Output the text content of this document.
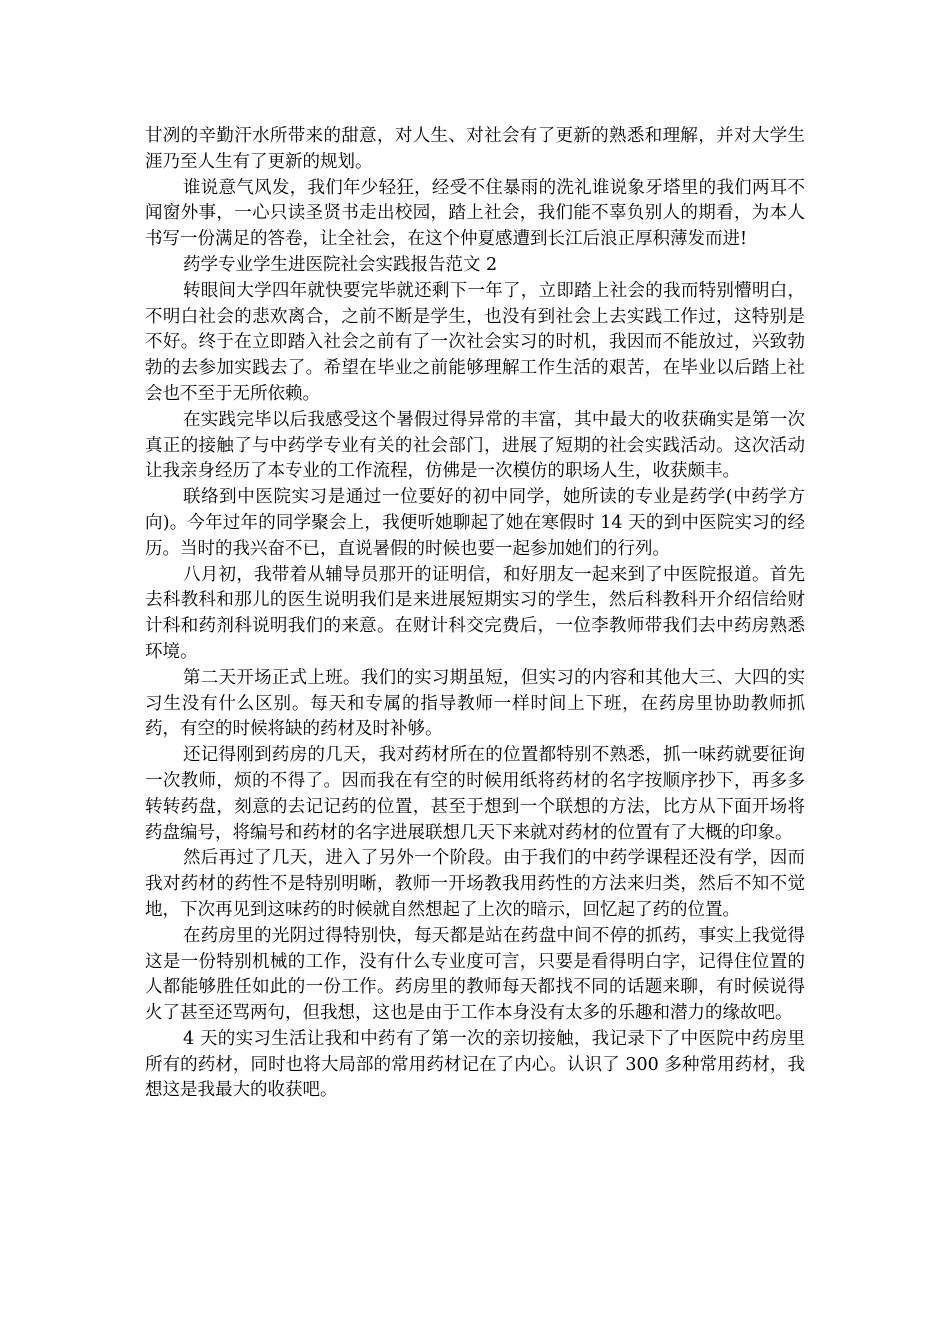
甘冽的辛勤汗水所带来的甜意，对人生、对社会有了更新的熟悉和理解，并对大学生涯乃至人生有了更新的规划。

谁说意气风发，我们年少轻狂，经受不住暴雨的洗礼谁说象牙塔里的我们两耳不闻窗外事，一心只读圣贤书走出校园，踏上社会，我们能不辜负别人的期看，为本人书写一份满足的答卷，让全社会，在这个仲夏感遭到长江后浪正厚积薄发而进!

药学专业学生进医院社会实践报告范文 2

转眼间大学四年就快要完毕就还剩下一年了，立即踏上社会的我而特别懵明白，不明白社会的悲欢离合，之前不断是学生，也没有到社会上去实践工作过，这特别是不好。终于在立即踏入社会之前有了一次社会实习的时机，我因而不能放过，兴致勃勃的去参加实践去了。希望在毕业之前能够理解工作生活的艰苦，在毕业以后踏上社会也不至于无所依赖。

在实践完毕以后我感受这个暑假过得异常的丰富，其中最大的收获确实是第一次真正的接触了与中药学专业有关的社会部门，进展了短期的社会实践活动。这次活动让我亲身经历了本专业的工作流程，仿佛是一次模仿的职场人生，收获颇丰。

联络到中医院实习是通过一位要好的初中同学，她所读的专业是药学(中药学方向)。今年过年的同学聚会上，我便听她聊起了她在寒假时 14 天的到中医院实习的经历。当时的我兴奋不已，直说暑假的时候也要一起参加她们的行列。

八月初，我带着从辅导员那开的证明信，和好朋友一起来到了中医院报道。首先去科教科和那儿的医生说明我们是来进展短期实习的学生，然后科教科开介绍信给财计科和药剂科说明我们的来意。在财计科交完费后，一位李教师带我们去中药房熟悉环境。

第二天开场正式上班。我们的实习期虽短，但实习的内容和其他大三、大四的实习生没有什么区别。每天和专属的指导教师一样时间上下班，在药房里协助教师抓药，有空的时候将缺的药材及时补够。

还记得刚到药房的几天，我对药材所在的位置都特别不熟悉，抓一味药就要征询一次教师，烦的不得了。因而我在有空的时候用纸将药材的名字按顺序抄下，再多多转转药盘，刻意的去记记药的位置，甚至于想到一个联想的方法，比方从下面开场将药盘编号，将编号和药材的名字进展联想几天下来就对药材的位置有了大概的印象。

然后再过了几天，进入了另外一个阶段。由于我们的中药学课程还没有学，因而我对药材的药性不是特别明晰，教师一开场教我用药性的方法来归类，然后不知不觉地，下次再见到这味药的时候就自然想起了上次的暗示，回忆起了药的位置。

在药房里的光阴过得特别快，每天都是站在药盘中间不停的抓药，事实上我觉得这是一份特别机械的工作，没有什么专业度可言，只要是看得明白字，记得住位置的人都能够胜任如此的一份工作。药房里的教师每天都找不同的话题来聊，有时候说得火了甚至还骂两句，但我想，这也是由于工作本身没有太多的乐趣和潜力的缘故吧。

4 天的实习生活让我和中药有了第一次的亲切接触，我记录下了中医院中药房里所有的药材，同时也将大局部的常用药材记在了内心。认识了 300 多种常用药材，我想这是我最大的收获吧。
